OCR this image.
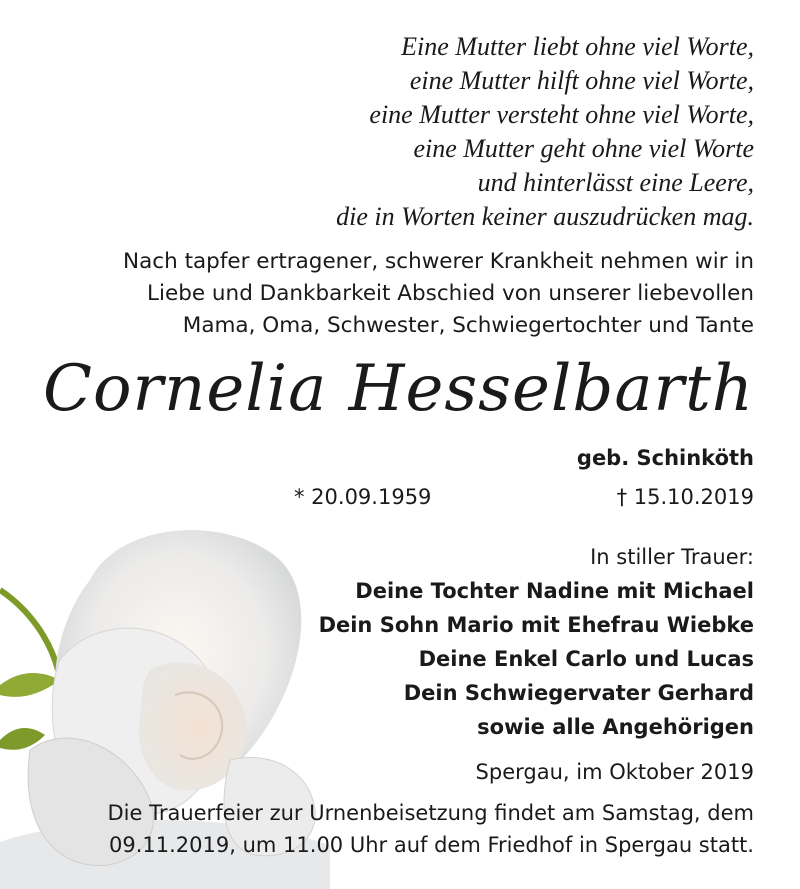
Eine Mutter liebt ohne viel Worte,
eine Mutter hilft ohne viel Worte,
eine Mutter versteht ohne viel Worte,
eine Mutter geht ohne viel Worte
und hinterlässt eine Leere,
die in Worten keiner auszudrücken mag.
Nach tapfer ertragener, schwerer Krankheit nehmen wir in
Liebe und Dankbarkeit Abschied von unserer liebevollen
Mama, Oma, Schwester, Schwiegertochter und Tante
Cornelia Hesselbarth
geb. Schinköth
* 20.09.1959	† 15.10.2019
In stiller Trauer:
Deine Tochter Nadine mit Michael
Dein Sohn Mario mit Ehefrau Wiebke
Deine Enkel Carlo und Lucas
Dein Schwiegervater Gerhard
sowie alle Angehörigen
Spergau, im Oktober 2019
Die Trauerfeier zur Urnenbeisetzung findet am Samstag, dem
09.11.2019, um 11.00 Uhr auf dem Friedhof in Spergau statt.
